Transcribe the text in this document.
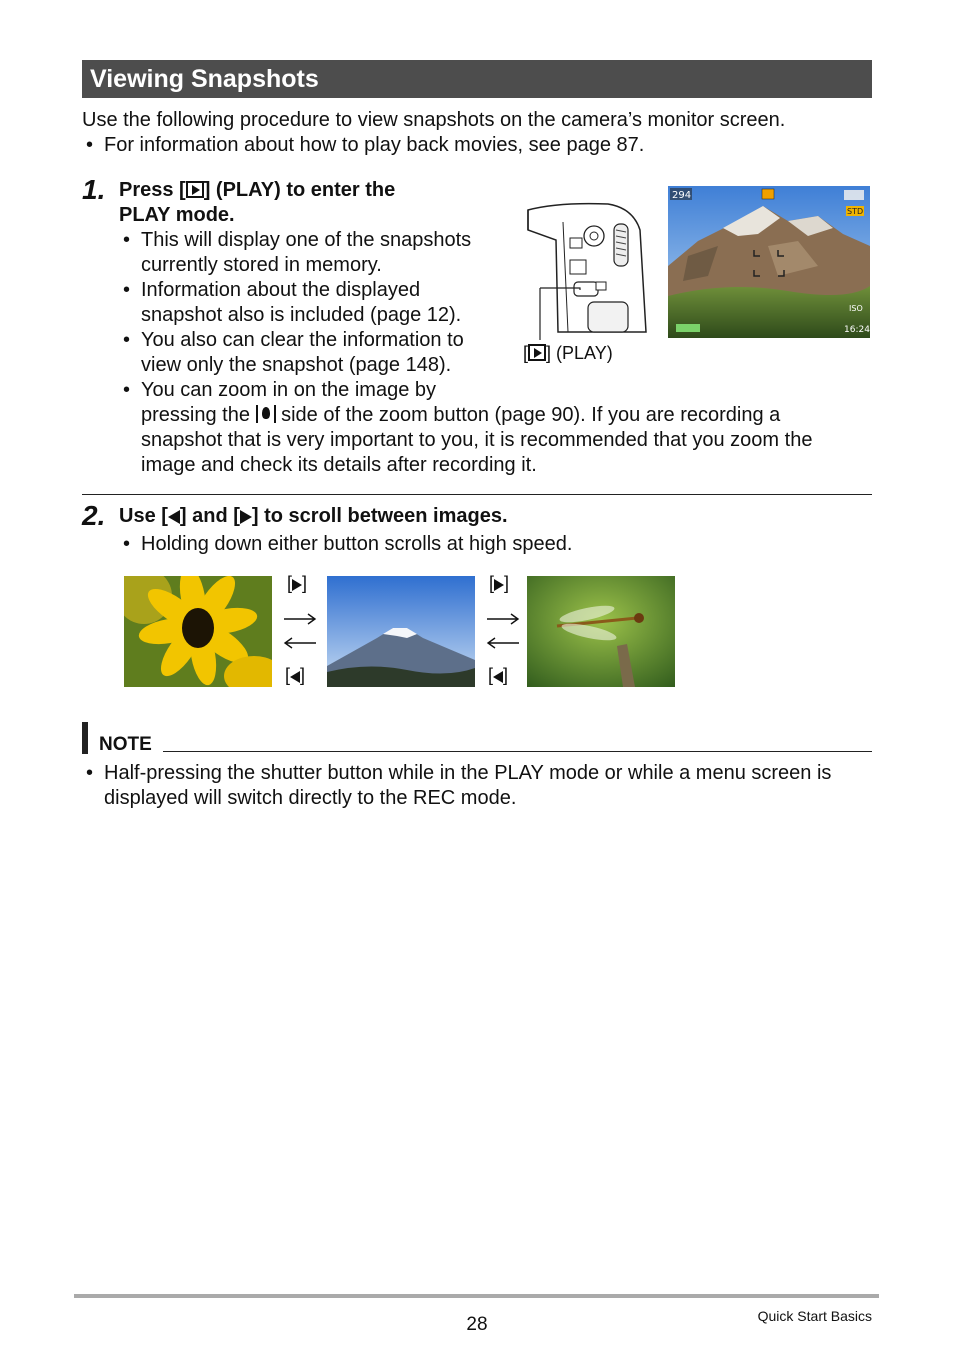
Viewing Snapshots
Use the following procedure to view snapshots on the camera’s monitor screen.
• For information about how to play back movies, see page 87.
1. Press [ ] (PLAY) to enter the
PLAY mode.
• This will display one of the snapshots
currently stored in memory.
• Information about the displayed
snapshot also is included (page 12).
• You also can clear the information to
view only the snapshot (page 148).
• You can zoom in on the image by
pressing the side of the zoom button (page 90). If you are recording a
snapshot that is very important to you, it is recommended that you zoom the
image and check its details after recording it.
[ ] (PLAY)
294
STD
ISO
16:24
2. Use [ ] and [ ] to scroll between images.
• Holding down either button scrolls at high speed.
[ ]
[ ]
[ ]
[ ]
NOTE
• Half-pressing the shutter button while in the PLAY mode or while a menu screen is
displayed will switch directly to the REC mode.
28	Quick Start Basics
